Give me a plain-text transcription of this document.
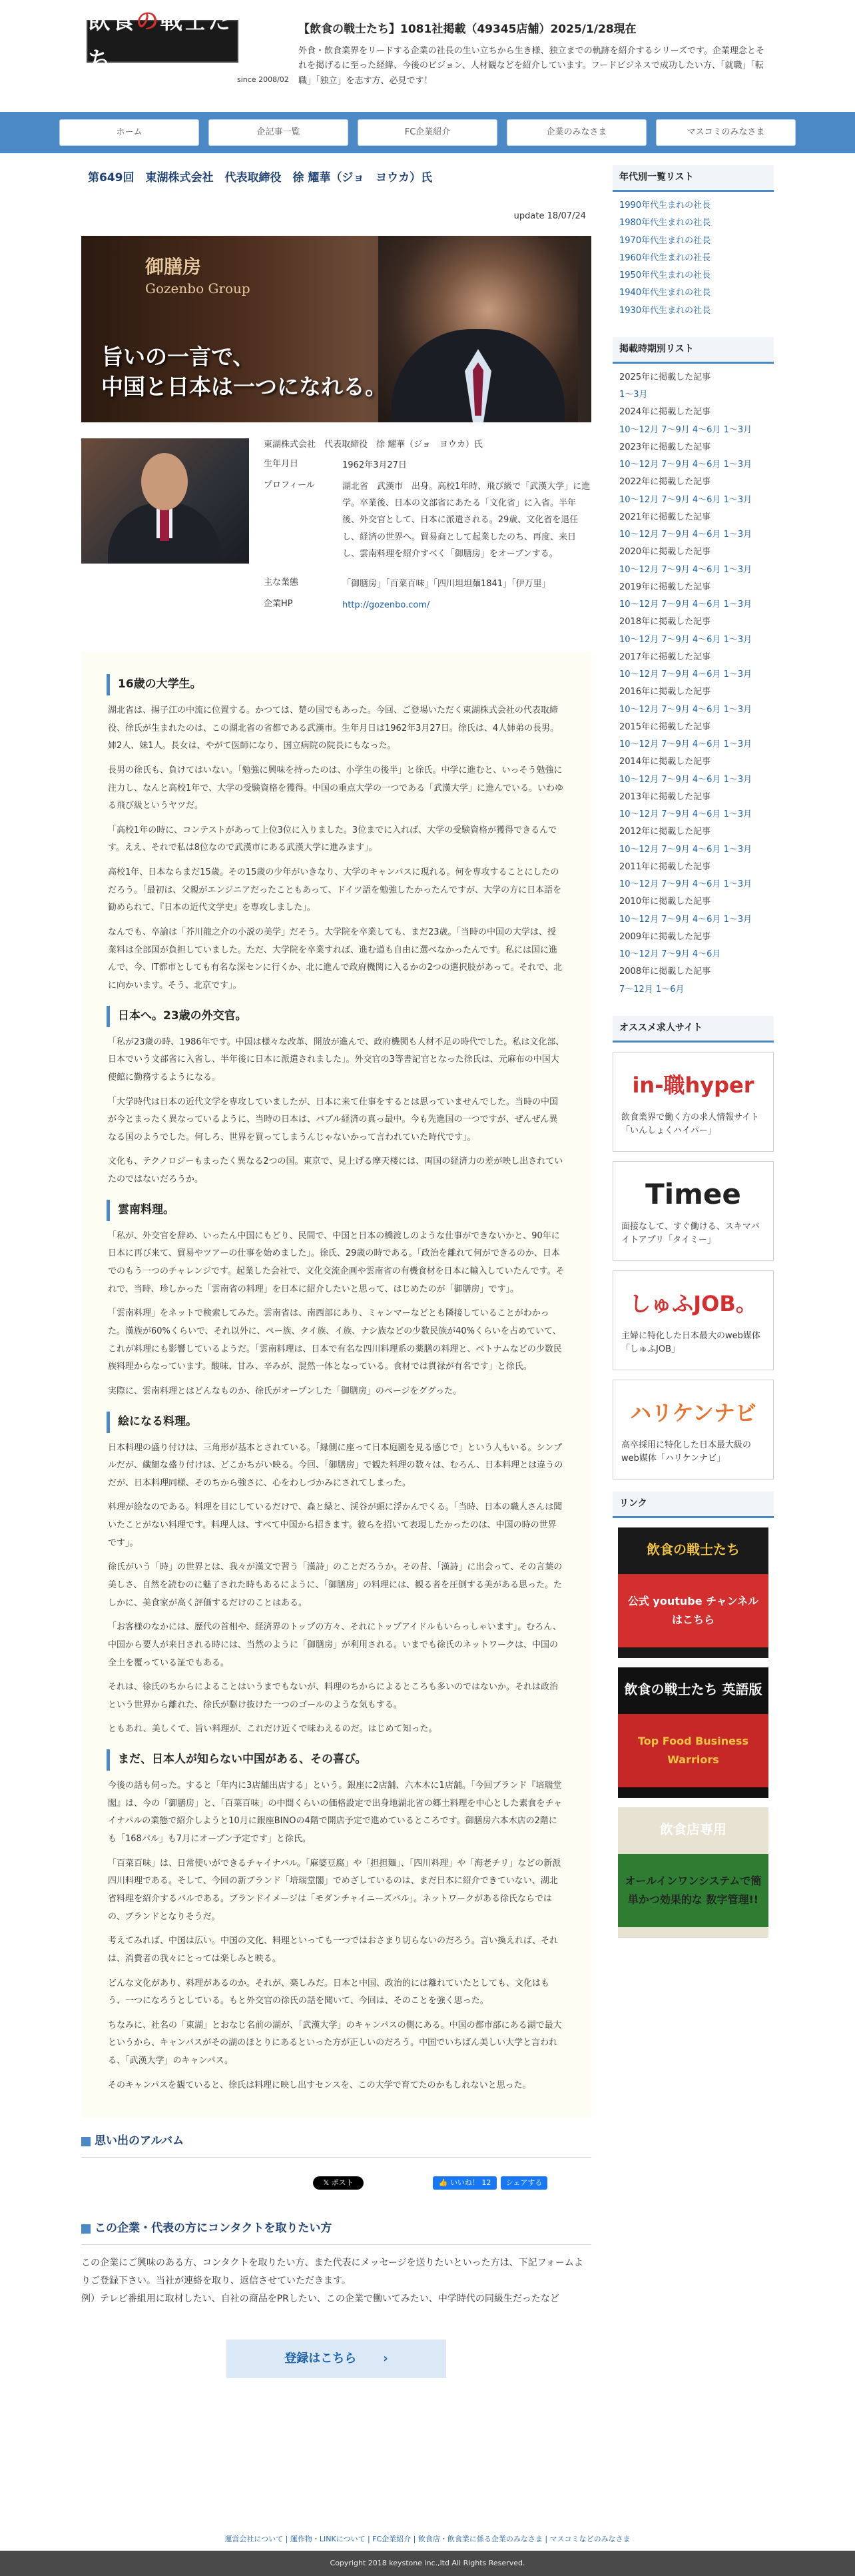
飲食の戦士たち
since 2008/02
【飲食の戦士たち】1081社掲載（49345店舗）2025/1/28現在
外食・飲食業界をリードする企業の社長の生い立ちから生き様、独立までの軌跡を紹介するシリーズです。企業理念とそれを掲げるに至った経緯、今後のビジョン、人材観などを紹介しています。フードビジネスで成功したい方、「就職」「転職」「独立」を志す方、必見です！
ホーム	企記事一覧	FC企業紹介	企業のみなさま	マスコミのみなさま
第649回　東湖株式会社　代表取締役　徐 耀華（ジョ　ヨウカ）氏
update 18/07/24
御膳房
Gozenbo Group
旨いの一言で、
中国と日本は一つになれる。
東湖株式会社　代表取締役　徐 耀華（ジョ　ヨウカ）氏
生年月日	1962年3月27日
プロフィール	湖北省　武漢市　出身。高校1年時、飛び級で「武漢大学」に進学。卒業後、日本の文部省にあたる「文化省」に入省。半年後、外交官として、日本に派遣される。29歳、文化省を退任し、経済の世界へ。貿易商として起業したのち、再度、来日し、雲南料理を紹介すべく「御膳房」をオープンする。
主な業態	「御膳房」「百菜百味」「四川坦坦麺1841」「伊万里」
企業HP	http://gozenbo.com/
16歳の大学生。

湖北省は、揚子江の中流に位置する。かつては、楚の国でもあった。今回、ご登場いただく東湖株式会社の代表取締役、徐氏が生まれたのは、この湖北省の省都である武漢市。生年月日は1962年3月27日。徐氏は、4人姉弟の長男。姉2人、妹1人。長女は、やがて医師になり、国立病院の院長にもなった。

長男の徐氏も、負けてはいない。「勉強に興味を持ったのは、小学生の後半」と徐氏。中学に進むと、いっそう勉強に注力し、なんと高校1年で、大学の受験資格を獲得。中国の重点大学の一つである「武漢大学」に進んでいる。いわゆる飛び級というヤツだ。

「高校1年の時に、コンテストがあって上位3位に入りました。3位までに入れば、大学の受験資格が獲得できるんです。ええ、それで私は8位なので武漢市にある武漢大学に進みます」。

高校1年、日本ならまだ15歳。その15歳の少年がいきなり、大学のキャンパスに現れる。何を専攻することにしたのだろう。「最初は、父親がエンジニアだったこともあって、ドイツ語を勉強したかったんですが、大学の方に日本語を勧められて、『日本の近代文学史』を専攻しました」。

なんでも、卒論は「芥川龍之介の小説の美学」だそう。大学院を卒業しても、まだ23歳。「当時の中国の大学は、授業料は全部国が負担していました。ただ、大学院を卒業すれば、進む道も自由に選べなかったんです。私には国に進んで、今、IT都市としても有名な深センに行くか、北に進んで政府機関に入るかの2つの選択肢があって。それで、北に向かいます。そう、北京です」。

日本へ。23歳の外交官。

「私が23歳の時、1986年です。中国は様々な改革、開放が進んで、政府機関も人材不足の時代でした。私は文化部、日本でいう文部省に入省し、半年後に日本に派遣されました」。外交官の3等書記官となった徐氏は、元麻布の中国大使館に勤務するようになる。

「大学時代は日本の近代文学を専攻していましたが、日本に来て仕事をするとは思っていませんでした。当時の中国が今とまったく異なっているように、当時の日本は、バブル経済の真っ最中。今も先進国の一つですが、ぜんぜん異なる国のようでした。何しろ、世界を買ってしまうんじゃないかって言われていた時代です」。

文化も、テクノロジーもまったく異なる2つの国。東京で、見上げる摩天楼には、両国の経済力の差が映し出されていたのではないだろうか。

雲南料理。

「私が、外交官を辞め、いったん中国にもどり、民間で、中国と日本の橋渡しのような仕事ができないかと、90年に日本に再び来て、貿易やツアーの仕事を始めました」。徐氏、29歳の時である。「政治を離れて何ができるのか、日本でのもう一つのチャレンジです。起業した会社で、文化交流企画や雲南省の有機食材を日本に輸入していたんです。それで、当時、珍しかった「雲南省の料理」を日本に紹介したいと思って、はじめたのが「御膳房」です」。

「雲南料理」をネットで検索してみた。雲南省は、南西部にあり、ミャンマーなどとも隣接していることがわかった。漢族が60%くらいで、それ以外に、ペー族、タイ族、イ族、ナシ族などの少数民族が40%くらいを占めていて、これが料理にも影響しているようだ。「雲南料理は、日本で有名な四川料理系の薬膳の料理と、ベトナムなどの少数民族料理からなっています。酸味、甘み、辛みが、混然一体となっている。食材では貫禄が有名です」と徐氏。

実際に、雲南料理とはどんなものか、徐氏がオープンした「御膳房」のページをググった。

絵になる料理。

日本料理の盛り付けは、三角形が基本とされている。「縁側に座って日本庭園を見る感じで」という人もいる。シンプルだが、繊細な盛り付けは、どこかちがい映る。今回、「御膳房」で観た料理の数々は、むろん、日本料理とは違うのだが、日本料理同様、そのちから強さに、心をわしづかみにされてしまった。

料理が絵なのである。料理を目にしているだけで、森と緑と、渓谷が頭に浮かんでくる。「当時、日本の職人さんは聞いたことがない料理です。料理人は、すべて中国から招きます。彼らを招いて表現したかったのは、中国の時の世界です」。

徐氏がいう「時」の世界とは、我々が漢文で習う「漢詩」のことだろうか。その昔、「漢詩」に出会って、その言葉の美しさ、自然を読むのに魅了された時もあるにように、「御膳房」の料理には、観る者を圧倒する美がある思った。たしかに、美食家が高く評価するだけのことはある。

「お客様のなかには、歴代の首相や、経済界のトップの方々、それにトップアイドルもいらっしゃいます」。むろん、中国から要人が来日される時には、当然のように「御膳房」が利用される。いまでも徐氏のネットワークは、中国の全土を覆っている証でもある。

それは、徐氏のちからによることはいうまでもないが、料理のちからによるところも多いのではないか。それは政治という世界から離れた、徐氏が駆け抜けた一つのゴールのような気もする。

ともあれ、美しくて、旨い料理が、これだけ近くで味わえるのだ。はじめて知った。

まだ、日本人が知らない中国がある、その喜び。

今後の話も伺った。すると「年内に3店舗出店する」という。銀座に2店舗、六本木に1店舗。「今回ブランド『培瑞堂閣』は、今の「御膳房」と、「百菜百味」の中間くらいの価格設定で出身地湖北省の郷土料理を中心とした素食をチャイナパルの業態で紹介しようと10月に銀座BINOの4階で開店予定で進めているところです。御膳房六本木店の2階にも「168パル」も7月にオープン予定です」と徐氏。

「百菜百味」は、日常使いができるチャイナバル。「麻婆豆腐」や「担担麺」、「四川料理」や「海老チリ」などの新派四川料理である。そして、今回の新ブランド「培瑞堂閣」でめざしているのは、まだ日本に紹介できていない、湖北省料理を紹介するバルである。ブランドイメージは「モダンチャイニーズバル」。ネットワークがある徐氏ならではの、ブランドとなりそうだ。

考えてみれば、中国は広い。中国の文化、料理といっても一つではおさまり切らないのだろう。言い換えれば、それは、消費者の我々にとっては楽しみと映る。

どんな文化があり、料理があるのか。それが、楽しみだ。日本と中国、政治的には離れていたとしても、文化はもう、一つになろうとしている。もと外交官の徐氏の話を聞いて、今回は、そのことを強く思った。

ちなみに、社名の「東湖」とおなじ名前の湖が、「武漢大学」のキャンパスの側にある。中国の都市部にある湖で最大というから、キャンパスがその湖のほとりにあるといった方が正しいのだろう。中国でいちばん美しい大学と言われる、「武漢大学」のキャンパス。

そのキャンパスを観ていると、徐氏は料理に映し出すセンスを、この大学で育てたのかもしれないと思った。

思い出のアルバム
𝕏 ポスト	👍 いいね！ 12	シェアする
この企業・代表の方にコンタクトを取りたい方
この企業にご興味のある方、コンタクトを取りたい方、また代表にメッセージを送りたいといった方は、下記フォームよりご登録下さい。当社が連絡を取り、返信させていただきます。
例）テレビ番組用に取材したい、自社の商品をPRしたい、この企業で働いてみたい、中学時代の同級生だったなど
登録はこちら ›
年代別一覧リスト
1990年代生まれの社長
1980年代生まれの社長
1970年代生まれの社長
1960年代生まれの社長
1950年代生まれの社長
1940年代生まれの社長
1930年代生まれの社長
掲載時期別リスト
2025年に掲載した記事
1〜3月
2024年に掲載した記事
10〜12月 7〜9月 4〜6月 1〜3月
2023年に掲載した記事
10〜12月 7〜9月 4〜6月 1〜3月
2022年に掲載した記事
10〜12月 7〜9月 4〜6月 1〜3月
2021年に掲載した記事
10〜12月 7〜9月 4〜6月 1〜3月
2020年に掲載した記事
10〜12月 7〜9月 4〜6月 1〜3月
2019年に掲載した記事
10〜12月 7〜9月 4〜6月 1〜3月
2018年に掲載した記事
10〜12月 7〜9月 4〜6月 1〜3月
2017年に掲載した記事
10〜12月 7〜9月 4〜6月 1〜3月
2016年に掲載した記事
10〜12月 7〜9月 4〜6月 1〜3月
2015年に掲載した記事
10〜12月 7〜9月 4〜6月 1〜3月
2014年に掲載した記事
10〜12月 7〜9月 4〜6月 1〜3月
2013年に掲載した記事
10〜12月 7〜9月 4〜6月 1〜3月
2012年に掲載した記事
10〜12月 7〜9月 4〜6月 1〜3月
2011年に掲載した記事
10〜12月 7〜9月 4〜6月 1〜3月
2010年に掲載した記事
10〜12月 7〜9月 4〜6月 1〜3月
2009年に掲載した記事
10〜12月 7〜9月 4〜6月
2008年に掲載した記事
7〜12月 1〜6月
オススメ求人サイト
in-職hyper
飲食業界で働く方の求人情報サイト「いんしょくハイパー」
Timee
面接なして、すぐ働ける、スキマバイトアプリ「タイミー」
しゅふJOB。
主婦に特化した日本最大のweb媒体「しゅふJOB」
ハリケンナビ
高卒採用に特化した日本最大級のweb媒体「ハリケンナビ」
リンク
飲食の戦士たち
公式 youtube チャンネルはこちら
飲食の戦士たち 英語版
Top Food Business Warriors
飲食店専用
オールインワンシステムで簡単かつ効果的な 数字管理!!
運営会社について | 運作物・LINKについて | FC企業紹介 | 飲食店・飲食業に係る企業のみなさま | マスコミなどのみなさま
Copyright 2018 keystone inc.,ltd All Rights Reserved.
